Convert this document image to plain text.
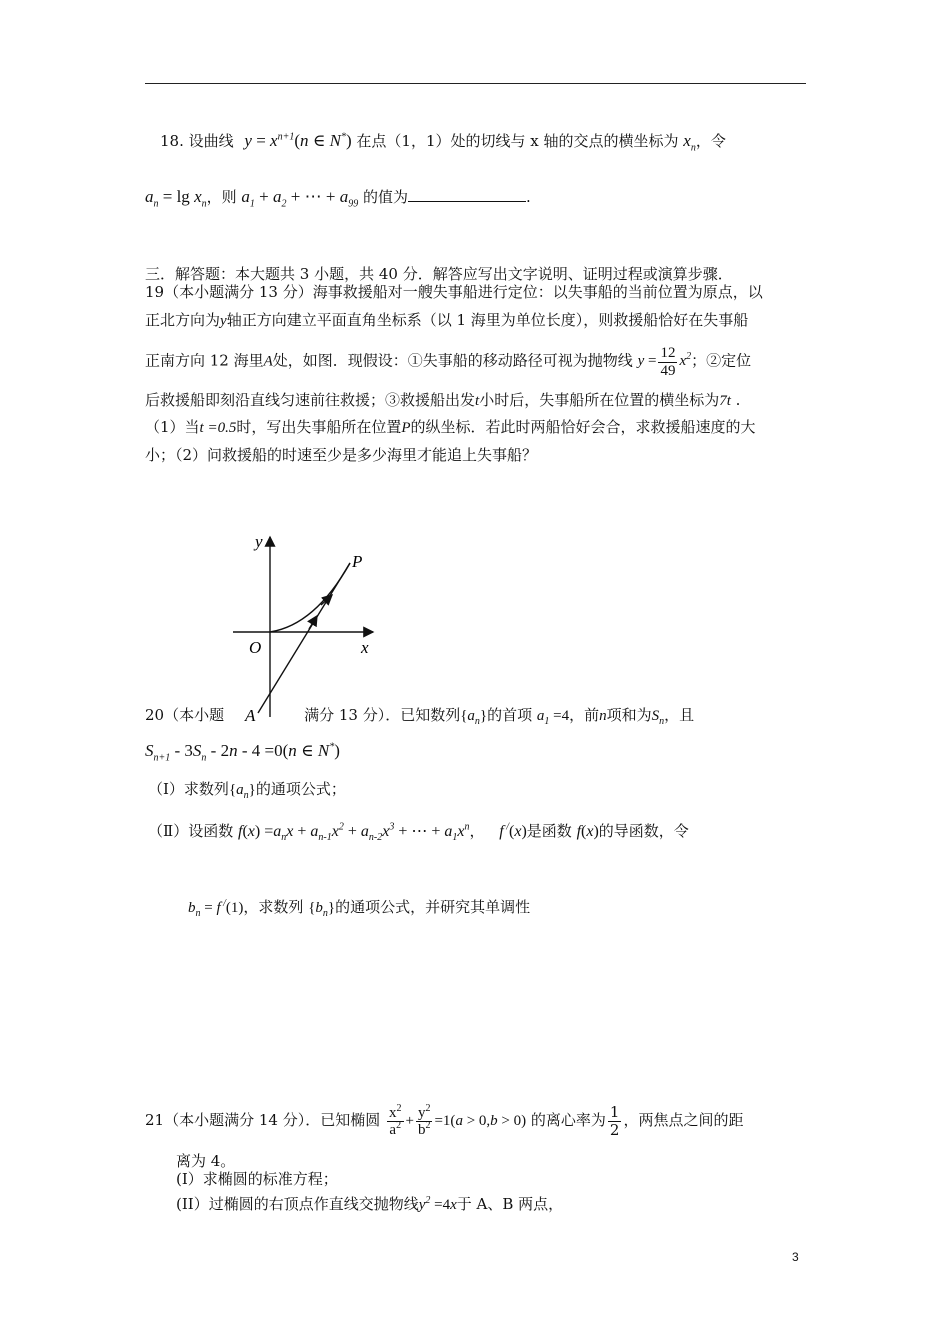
18. 设曲线 $y = x^{n+1}(n$ ∈ N*) 在点（1，1）处的切线与 x 轴的交点的横坐标为 $x_n$，令
$a_n = \lg x_n$，则 $a_1 + a_2$ + ⋯ + $a_{99}$ 的值为	.
三．解答题：本大题共 3 小题，共 40 分．解答应写出文字说明、证明过程或演算步骤．
19（本小题满分 13 分）海事救援船对一艘失事船进行定位：以失事船的当前位置为原点，以
正北方向为y轴正方向建立平面直角坐标系（以 1 海里为单位长度），则救援船恰好在失事船
正南方向 12 海里A处，如图．现假设：①失事船的移动路径可视为抛物线 $y = \frac{12}{49} x^2$；②定位
后救援船即刻沿直线匀速前往救援；③救援船出发t小时后，失事船所在位置的横坐标为7t .
（1）当t =0.5时，写出失事船所在位置P的纵坐标．若此时两船恰好会合，求救援船速度的大
小；（2）问救援船的时速至少是多少海里才能追上失事船？
y
x
O
P
A
20（本小题	满分 13 分）．已知数列$\{a_n\}$的首项 $a_1 =4$，前n项和为$S_n$，且
$S_{n+1} - 3S_n - 2n - 4 =0(n$ ∈ N*)
（Ⅰ）求数列$\{a_n\}$的通项公式；
（Ⅱ）设函数 $f(x) =a_nx + a_{n-1}x^2 + a_{n-2}x^3$ + ⋯ + $a_1x^n$， f /(x)是函数 f(x)的导函数，令
$b_n = f$ /(1)，求数列 $\{b_n\}$的通项公式，并研究其单调性
21（本小题满分 14 分）．已知椭圆 $\frac{x^2}{a^2} + \frac{y^2}{b^2} =1(a > 0,b > 0)$ 的离心率为 $\frac{1}{2}$ ，两焦点之间的距
离为 4。
(I）求椭圆的标准方程；
(II）过椭圆的右顶点作直线交抛物线$y^2 =4x$于 A、B 两点，
3
